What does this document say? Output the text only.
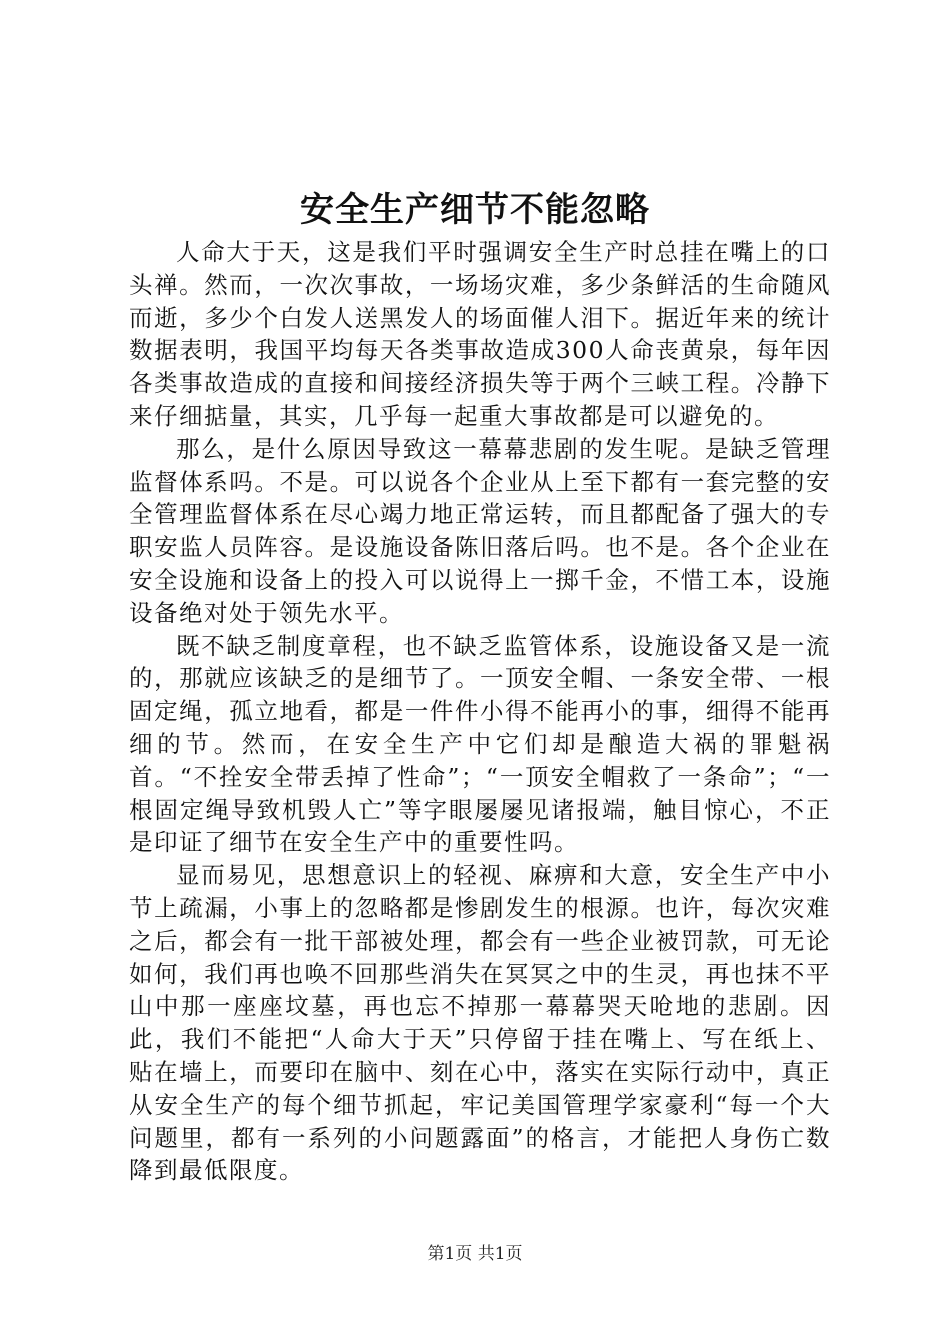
安全生产细节不能忽略

人命大于天，这是我们平时强调安全生产时总挂在嘴上的口头禅。然而，一次次事故，一场场灾难，多少条鲜活的生命随风而逝，多少个白发人送黑发人的场面催人泪下。据近年来的统计数据表明，我国平均每天各类事故造成300人命丧黄泉，每年因各类事故造成的直接和间接经济损失等于两个三峡工程。冷静下来仔细掂量，其实，几乎每一起重大事故都是可以避免的。

那么，是什么原因导致这一幕幕悲剧的发生呢。是缺乏管理监督体系吗。不是。可以说各个企业从上至下都有一套完整的安全管理监督体系在尽心竭力地正常运转，而且都配备了强大的专职安监人员阵容。是设施设备陈旧落后吗。也不是。各个企业在安全设施和设备上的投入可以说得上一掷千金，不惜工本，设施设备绝对处于领先水平。

既不缺乏制度章程，也不缺乏监管体系，设施设备又是一流的，那就应该缺乏的是细节了。一顶安全帽、一条安全带、一根固定绳，孤立地看，都是一件件小得不能再小的事，细得不能再细的节。然而，在安全生产中它们却是酿造大祸的罪魁祸首。“不拴安全带丢掉了性命”；“一顶安全帽救了一条命”；“一根固定绳导致机毁人亡”等字眼屡屡见诸报端，触目惊心，不正是印证了细节在安全生产中的重要性吗。

显而易见，思想意识上的轻视、麻痹和大意，安全生产中小节上疏漏，小事上的忽略都是惨剧发生的根源。也许，每次灾难之后，都会有一批干部被处理，都会有一些企业被罚款，可无论如何，我们再也唤不回那些消失在冥冥之中的生灵，再也抹不平山中那一座座坟墓，再也忘不掉那一幕幕哭天呛地的悲剧。因此，我们不能把“人命大于天”只停留于挂在嘴上、写在纸上、贴在墙上，而要印在脑中、刻在心中，落实在实际行动中，真正从安全生产的每个细节抓起，牢记美国管理学家豪利“每一个大问题里，都有一系列的小问题露面”的格言，才能把人身伤亡数降到最低限度。

第1页 共1页
